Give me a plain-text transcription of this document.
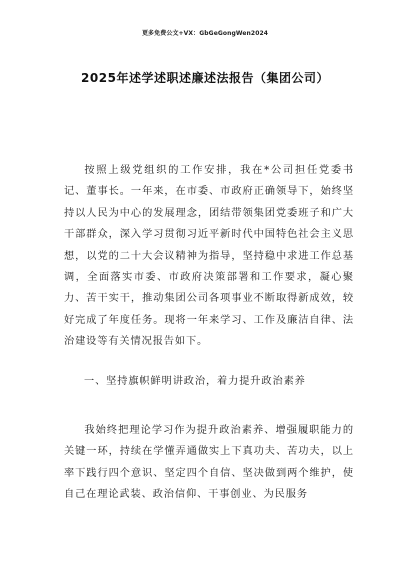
更多免费公文+VX：GbGeGongWen2024
2025年述学述职述廉述法报告（集团公司）
按照上级党组织的工作安排，我在*公司担任党委书记、董事长。一年来，在市委、市政府正确领导下，始终坚持以人民为中心的发展理念，团结带领集团党委班子和广大干部群众，深入学习贯彻习近平新时代中国特色社会主义思想，以党的二十大会议精神为指导，坚持稳中求进工作总基调，全面落实市委、市政府决策部署和工作要求，凝心聚力、苦干实干，推动集团公司各项事业不断取得新成效，较好完成了年度任务。现将一年来学习、工作及廉洁自律、法治建设等有关情况报告如下。
一、坚持旗帜鲜明讲政治，着力提升政治素养
我始终把理论学习作为提升政治素养、增强履职能力的关键一环，持续在学懂弄通做实上下真功夫、苦功夫，以上率下践行四个意识、坚定四个自信、坚决做到两个维护，使自己在理论武装、政治信仰、干事创业、为民服务
